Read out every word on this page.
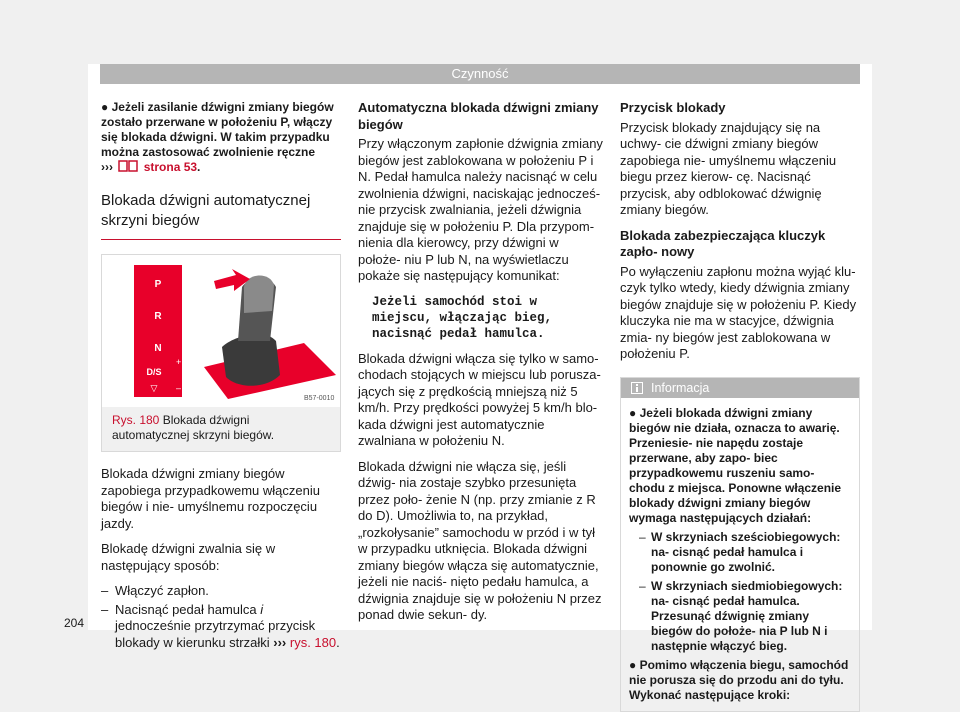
Czynność
● Jeżeli zasilanie dźwigni zmiany biegów zostało przerwane w położeniu P, włączy się blokada dźwigni. W takim przypadku można zastosować zwolnienie ręczne
›››	strona 53.
Blokada dźwigni automatycznej skrzyni biegów
P
R
N
D/S
▽
+
–
B57-0010
Rys. 180 Blokada dźwigni automatycznej skrzyni biegów.

Blokada dźwigni zmiany biegów zapobiega przypadkowemu włączeniu biegów i nie- umyślnemu rozpoczęciu jazdy.

Blokadę dźwigni zwalnia się w następujący sposób:

– Włączyć zapłon.
– Nacisnąć pedał hamulca i jednocześnie przytrzymać przycisk blokady w kierunku strzałki ››› rys. 180.
Automatyczna blokada dźwigni zmiany biegów

Przy włączonym zapłonie dźwignia zmiany biegów jest zablokowana w położeniu P i N. Pedał hamulca należy nacisnąć w celu zwolnienia dźwigni, naciskając jednocześ- nie przycisk zwalniania, jeżeli dźwignia znajduje się w położeniu P. Dla przypom- nienia dla kierowcy, przy dźwigni w położe- niu P lub N, na wyświetlaczu pokaże się następujący komunikat:

Jeżeli samochód stoi w miejscu, włączając bieg, nacisnąć pedał hamulca.

Blokada dźwigni włącza się tylko w samo- chodach stojących w miejscu lub porusza- jących się z prędkością mniejszą niż 5 km/h. Przy prędkości powyżej 5 km/h blo- kada dźwigni jest automatycznie zwalniana w położeniu N.

Blokada dźwigni nie włącza się, jeśli dźwig- nia zostaje szybko przesunięta przez poło- żenie N (np. przy zmianie z R do D). Umożliwia to, na przykład, „rozkołysanie” samochodu w przód i w tył w przypadku utknięcia. Blokada dźwigni zmiany biegów włącza się automatycznie, jeżeli nie naciś- nięto pedału hamulca, a dźwignia znajduje się w położeniu N przez ponad dwie sekun- dy.

Przycisk blokady

Przycisk blokady znajdujący się na uchwy- cie dźwigni zmiany biegów zapobiega nie- umyślnemu włączeniu biegu przez kierow- cę. Nacisnąć przycisk, aby odblokować dźwignię zmiany biegów.

Blokada zabezpieczająca kluczyk zapło- nowy

Po wyłączeniu zapłonu można wyjąć klu- czyk tylko wtedy, kiedy dźwignia zmiany biegów znajduje się w położeniu P. Kiedy kluczyka nie ma w stacyjce, dźwignia zmia- ny biegów jest zablokowana w położeniu P.

Informacja
● Jeżeli blokada dźwigni zmiany biegów nie działa, oznacza to awarię. Przeniesie- nie napędu zostaje przerwane, aby zapo- biec przypadkowemu ruszeniu samo- chodu z miejsca. Ponowne włączenie blokady dźwigni zmiany biegów wymaga następujących działań:
– W skrzyniach sześciobiegowych: na- cisnąć pedał hamulca i ponownie go zwolnić.
– W skrzyniach siedmiobiegowych: na- cisnąć pedał hamulca. Przesunąć dźwignię zmiany biegów do położe- nia P lub N i następnie włączyć bieg.
● Pomimo włączenia biegu, samochód nie porusza się do przodu ani do tyłu. Wykonać następujące kroki:
204
